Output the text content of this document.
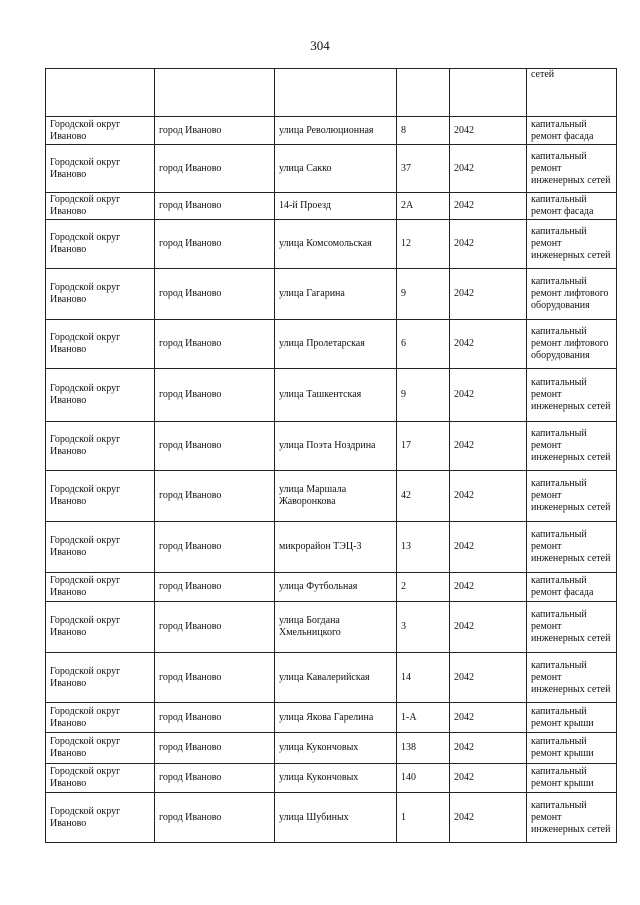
304
					сетей
Городской округ Иваново	город Иваново	улица Революционная	8	2042	капитальный ремонт фасада
Городской округ Иваново	город Иваново	улица Сакко	37	2042	капитальный ремонт инженерных сетей
Городской округ Иваново	город Иваново	14-й Проезд	2А	2042	капитальный ремонт фасада
Городской округ Иваново	город Иваново	улица Комсомольская	12	2042	капитальный ремонт инженерных сетей
Городской округ Иваново	город Иваново	улица Гагарина	9	2042	капитальный ремонт лифтового оборудования
Городской округ Иваново	город Иваново	улица Пролетарская	6	2042	капитальный ремонт лифтового оборудования
Городской округ Иваново	город Иваново	улица Ташкентская	9	2042	капитальный ремонт инженерных сетей
Городской округ Иваново	город Иваново	улица Поэта Ноздрина	17	2042	капитальный ремонт инженерных сетей
Городской округ Иваново	город Иваново	улица Маршала Жаворонкова	42	2042	капитальный ремонт инженерных сетей
Городской округ Иваново	город Иваново	микрорайон ТЭЦ-3	13	2042	капитальный ремонт инженерных сетей
Городской округ Иваново	город Иваново	улица Футбольная	2	2042	капитальный ремонт фасада
Городской округ Иваново	город Иваново	улица Богдана Хмельницкого	3	2042	капитальный ремонт инженерных сетей
Городской округ Иваново	город Иваново	улица Кавалерийская	14	2042	капитальный ремонт инженерных сетей
Городской округ Иваново	город Иваново	улица Якова Гарелина	1-А	2042	капитальный ремонт крыши
Городской округ Иваново	город Иваново	улица Кукончовых	138	2042	капитальный ремонт крыши
Городской округ Иваново	город Иваново	улица Кукончовых	140	2042	капитальный ремонт крыши
Городской округ Иваново	город Иваново	улица Шубиных	1	2042	капитальный ремонт инженерных сетей
